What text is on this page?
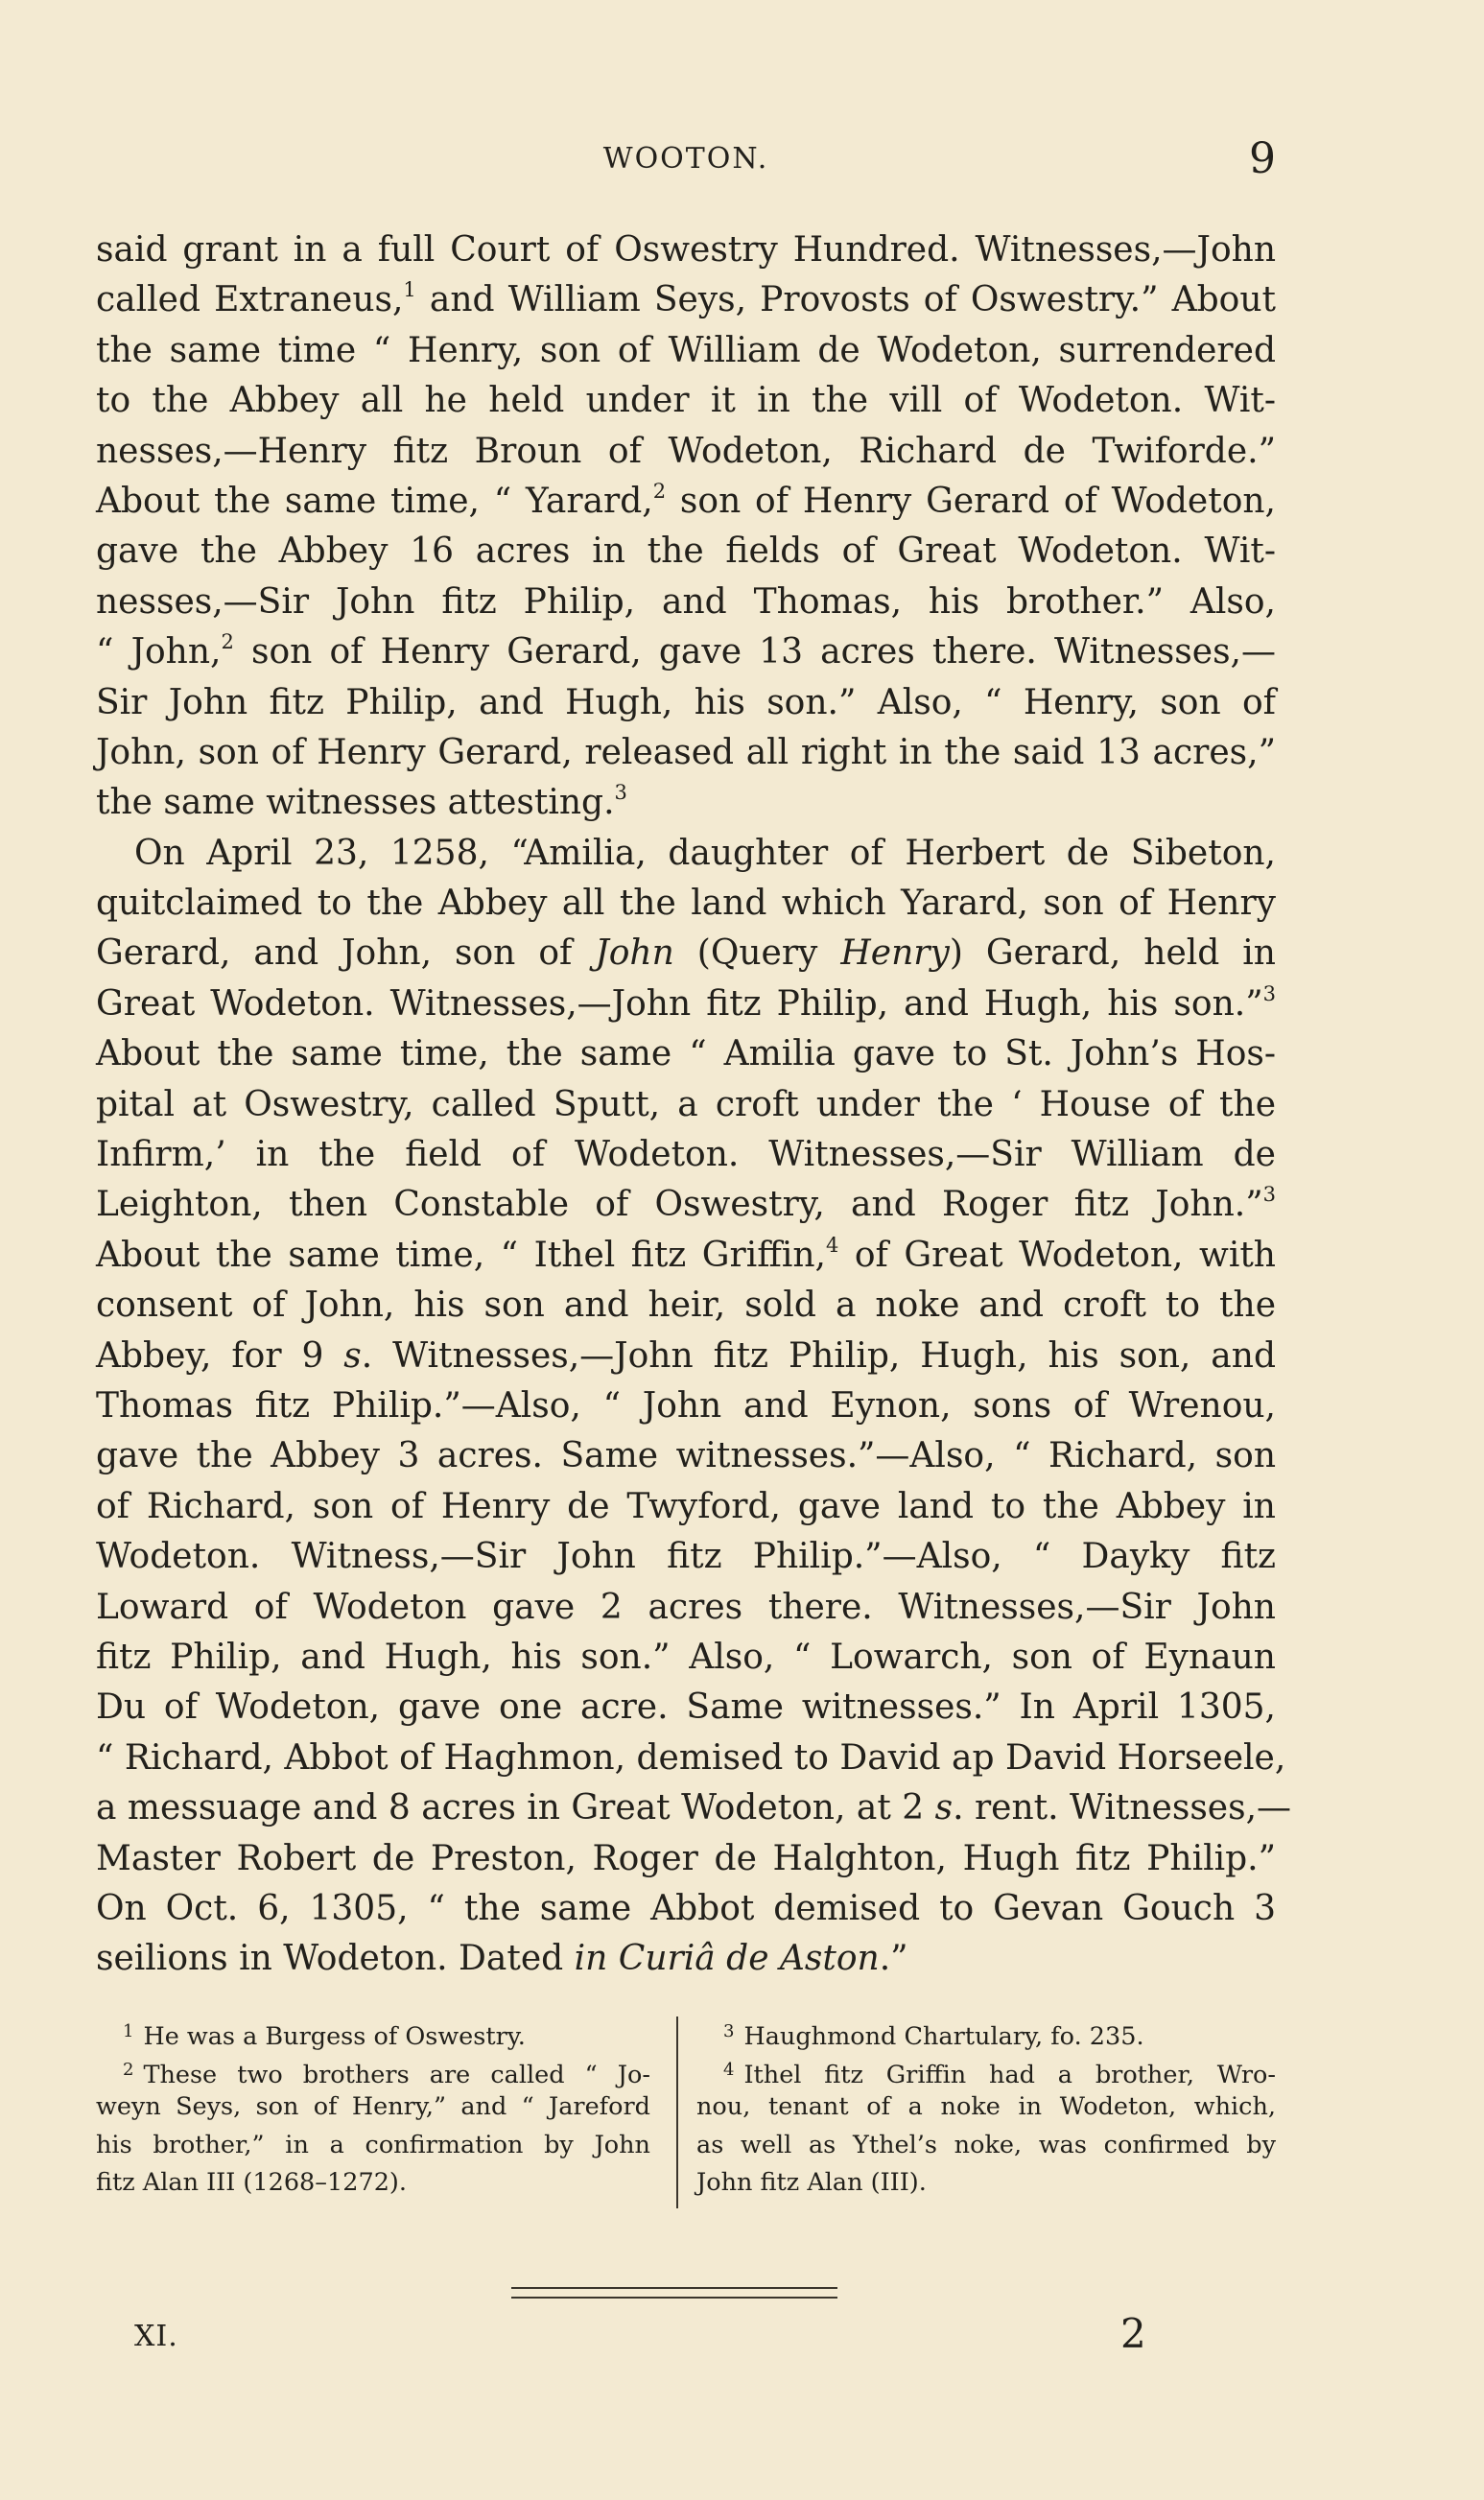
WOOTON.	9
said grant in a full Court of Oswestry Hundred. Witnesses,—John
called Extraneus,$^1$ and William Seys, Provosts of Oswestry.” About
the same time “ Henry, son of William de Wodeton, surrendered
to the Abbey all he held under it in the vill of Wodeton. Wit-
nesses,—Henry fitz Broun of Wodeton, Richard de Twiforde.”
About the same time, “ Yarard,$^2$ son of Henry Gerard of Wodeton,
gave the Abbey 16 acres in the fields of Great Wodeton. Wit-
nesses,—Sir John fitz Philip, and Thomas, his brother.” Also,
“ John,$^2$ son of Henry Gerard, gave 13 acres there. Witnesses,—
Sir John fitz Philip, and Hugh, his son.” Also, “ Henry, son of
John, son of Henry Gerard, released all right in the said 13 acres,”
the same witnesses attesting.$^3$
On April 23, 1258, “Amilia, daughter of Herbert de Sibeton,
quitclaimed to the Abbey all the land which Yarard, son of Henry
Gerard, and John, son of John (Query Henry) Gerard, held in
Great Wodeton. Witnesses,—John fitz Philip, and Hugh, his son.”$^3$
About the same time, the same “ Amilia gave to St. John’s Hos-
pital at Oswestry, called Sputt, a croft under the ‘ House of the
Infirm,’ in the field of Wodeton. Witnesses,—Sir William de
Leighton, then Constable of Oswestry, and Roger fitz John.”$^3$
About the same time, “ Ithel fitz Griffin,$^4$ of Great Wodeton, with
consent of John, his son and heir, sold a noke and croft to the
Abbey, for 9 s. Witnesses,—John fitz Philip, Hugh, his son, and
Thomas fitz Philip.”—Also, “ John and Eynon, sons of Wrenou,
gave the Abbey 3 acres. Same witnesses.”—Also, “ Richard, son
of Richard, son of Henry de Twyford, gave land to the Abbey in
Wodeton. Witness,—Sir John fitz Philip.”—Also, “ Dayky fitz
Loward of Wodeton gave 2 acres there. Witnesses,—Sir John
fitz Philip, and Hugh, his son.” Also, “ Lowarch, son of Eynaun
Du of Wodeton, gave one acre. Same witnesses.” In April 1305,
“ Richard, Abbot of Haghmon, demised to David ap David Horseele,
a messuage and 8 acres in Great Wodeton, at 2 s. rent. Witnesses,—
Master Robert de Preston, Roger de Halghton, Hugh fitz Philip.”
On Oct. 6, 1305, “ the same Abbot demised to Gevan Gouch 3
seilions in Wodeton. Dated in Curiâ de Aston.”
$^1$ He was a Burgess of Oswestry.
$^2$ These two brothers are called “ Jo-
weyn Seys, son of Henry,” and “ Jareford
his brother,” in a confirmation by John
fitz Alan III (1268–1272).
$^3$ Haughmond Chartulary, fo. 235.
$^4$ Ithel fitz Griffin had a brother, Wro-
nou, tenant of a noke in Wodeton, which,
as well as Ythel’s noke, was confirmed by
John fitz Alan (III).
XI.	2
